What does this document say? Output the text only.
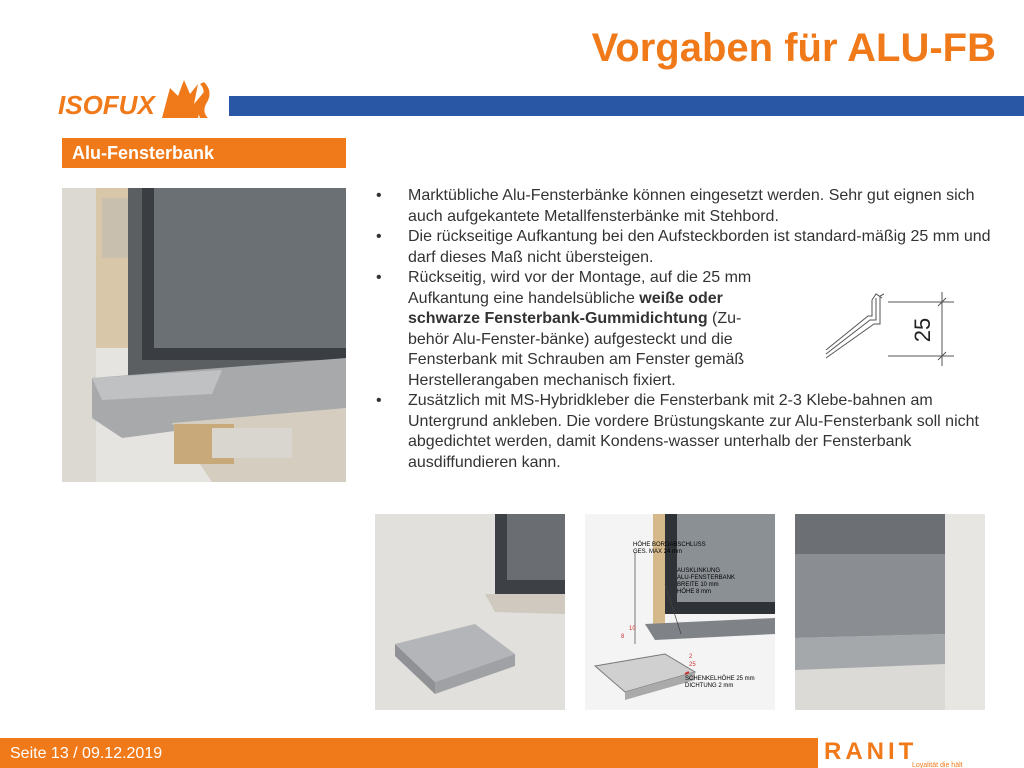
Vorgaben für ALU-FB
ISOFUX
Alu-Fensterbank
• Marktübliche Alu-Fensterbänke können eingesetzt werden. Sehr gut eignen sich auch aufgekantete Metallfensterbänke mit Stehbord.
• Die rückseitige Aufkantung bei den Aufsteckborden ist standard-mäßig 25 mm und darf dieses Maß nicht übersteigen.
• Rückseitig, wird vor der Montage, auf die 25 mm
Aufkantung eine handelsübliche weiße oder
schwarze Fensterbank-Gummidichtung (Zu-
behör Alu-Fenster-bänke) aufgesteckt und die
Fensterbank mit Schrauben am Fenster gemäß
Herstellerangaben mechanisch fixiert.
• Zusätzlich mit MS-Hybridkleber die Fensterbank mit 2-3 Klebe-bahnen am Untergrund ankleben. Die vordere Brüstungskante zur Alu-Fensterbank soll nicht abgedichtet werden, damit Kondens-wasser unterhalb der Fensterbank ausdiffundieren kann.
25
HÖHE BORDABSCHLUSS
GES. MAX 24 mm
AUSKLINKUNG
ALU-FENSTERBANK
BREITE 10 mm
HÖHE 8 mm
SCHENKELHÖHE 25 mm
DICHTUNG 2 mm
10
8
2
25
Seite 13 / 09.12.2019	RANIT
Loyalität die hält
